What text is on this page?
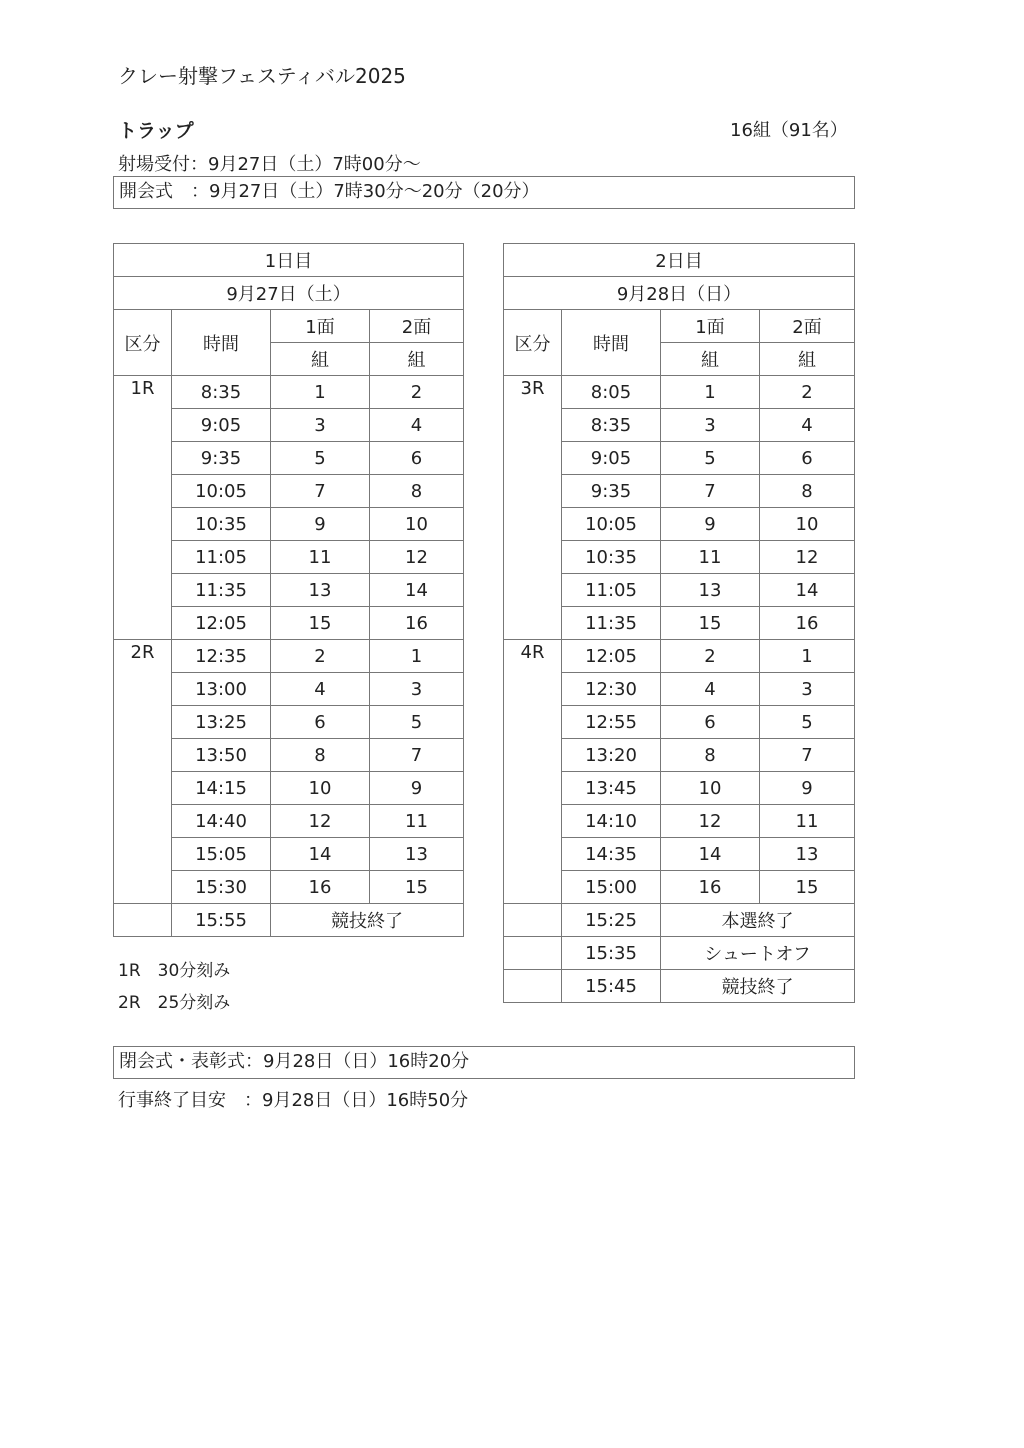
クレー射撃フェスティバル2025
トラップ	16組（91名）
射場受付：9月27日（土）7時00分～
開会式　：9月27日（土）7時30分～20分（20分）
1日目			
9月27日（土）			
区分	時間	1面	2面
		組	組
1R	8:35	1	2
	9:05	3	4
	9:35	5	6
	10:05	7	8
	10:35	9	10
	11:05	11	12
	11:35	13	14
	12:05	15	16
2R	12:35	2	1
	13:00	4	3
	13:25	6	5
	13:50	8	7
	14:15	10	9
	14:40	12	11
	15:05	14	13
	15:30	16	15
	15:55	競技終了	
2日目			
9月28日（日）			
区分	時間	1面	2面
		組	組
3R	8:05	1	2
	8:35	3	4
	9:05	5	6
	9:35	7	8
	10:05	9	10
	10:35	11	12
	11:05	13	14
	11:35	15	16
4R	12:05	2	1
	12:30	4	3
	12:55	6	5
	13:20	8	7
	13:45	10	9
	14:10	12	11
	14:35	14	13
	15:00	16	15
	15:25	本選終了	
	15:35	シュートオフ	
	15:45	競技終了	
1R　30分刻み
2R　25分刻み
閉会式・表彰式：9月28日（日）16時20分
行事終了目安　：9月28日（日）16時50分
